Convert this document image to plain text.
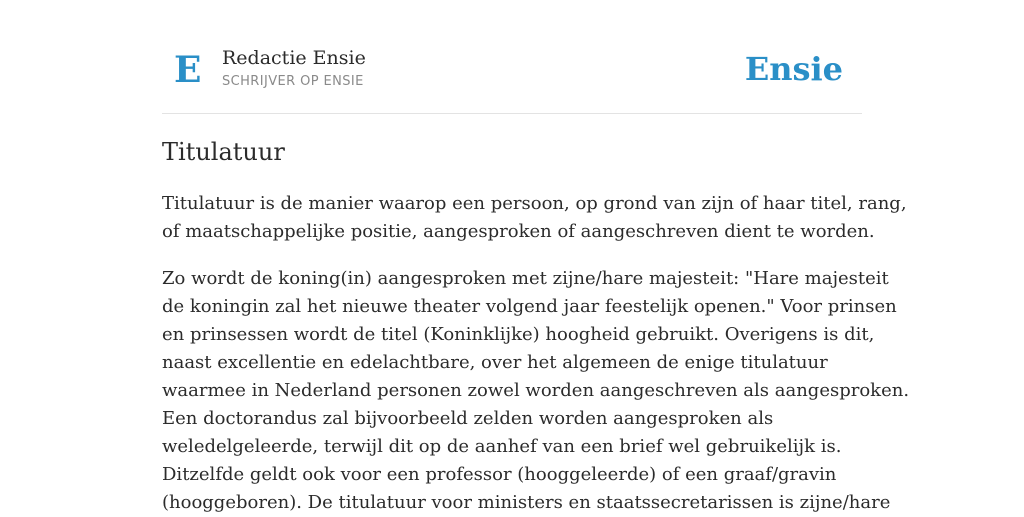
E Redactie Ensie
SCHRIJVER OP ENSIE	Ensie
Titulatuur

Titulatuur is de manier waarop een persoon, op grond van zijn of haar titel, rang,
of maatschappelijke positie, aangesproken of aangeschreven dient te worden.

Zo wordt de koning(in) aangesproken met zijne/hare majesteit: "Hare majesteit
de koningin zal het nieuwe theater volgend jaar feestelijk openen." Voor prinsen
en prinsessen wordt de titel (Koninklijke) hoogheid gebruikt. Overigens is dit,
naast excellentie en edelachtbare, over het algemeen de enige titulatuur
waarmee in Nederland personen zowel worden aangeschreven als aangesproken.
Een doctorandus zal bijvoorbeeld zelden worden aangesproken als
weledelgeleerde, terwijl dit op de aanhef van een brief wel gebruikelijk is.
Ditzelfde geldt ook voor een professor (hooggeleerde) of een graaf/gravin
(hooggeboren). De titulatuur voor ministers en staatssecretarissen is zijne/hare
